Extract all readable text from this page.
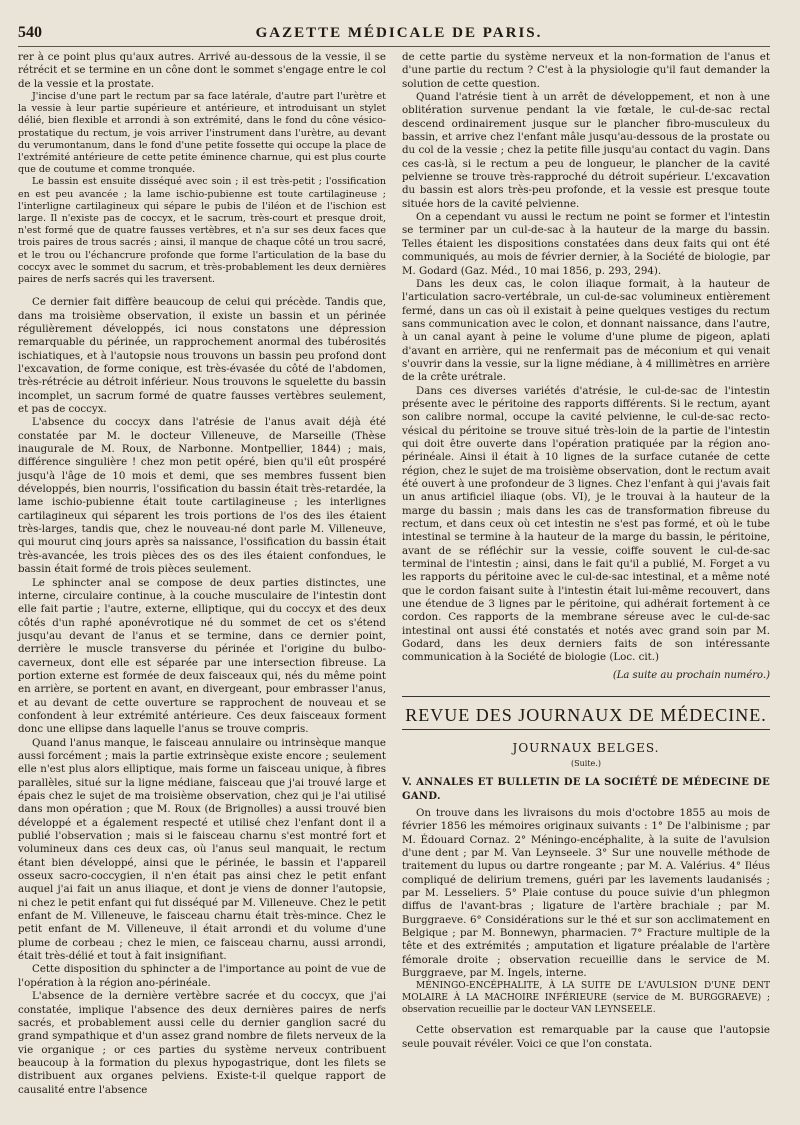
540	GAZETTE MÉDICALE DE PARIS.

rer à ce point plus qu'aux autres. Arrivé au-dessous de la vessie, il se rétrécit et se termine en un cône dont le sommet s'engage entre le col de la vessie et la prostate.

J'incise d'une part le rectum par sa face latérale, d'autre part l'urètre et la vessie à leur partie supérieure et antérieure, et introduisant un stylet délié, bien flexible et arrondi à son extrémité, dans le fond du cône vésico-prostatique du rectum, je vois arriver l'instrument dans l'urètre, au devant du verumontanum, dans le fond d'une petite fossette qui occupe la place de l'extrémité antérieure de cette petite éminence charnue, qui est plus courte que de coutume et comme tronquée.

Le bassin est ensuite disséqué avec soin ; il est très-petit ; l'ossification en est peu avancée ; la lame ischio-pubienne est toute cartilagineuse ; l'interligne cartilagineux qui sépare le pubis de l'iléon et de l'ischion est large. Il n'existe pas de coccyx, et le sacrum, très-court et presque droit, n'est formé que de quatre fausses vertèbres, et n'a sur ses deux faces que trois paires de trous sacrés ; ainsi, il manque de chaque côté un trou sacré, et le trou ou l'échancrure profonde que forme l'articulation de la base du coccyx avec le sommet du sacrum, et très-probablement les deux dernières paires de nerfs sacrés qui les traversent.

Ce dernier fait diffère beaucoup de celui qui précède. Tandis que, dans ma troisième observation, il existe un bassin et un périnée régulièrement développés, ici nous constatons une dépression remarquable du périnée, un rapprochement anormal des tubérosités ischiatiques, et à l'autopsie nous trouvons un bassin peu profond dont l'excavation, de forme conique, est très-évasée du côté de l'abdomen, très-rétrécie au détroit inférieur. Nous trouvons le squelette du bassin incomplet, un sacrum formé de quatre fausses vertèbres seulement, et pas de coccyx.

L'absence du coccyx dans l'atrésie de l'anus avait déjà été constatée par M. le docteur Villeneuve, de Marseille (Thèse inaugurale de M. Roux, de Narbonne. Montpellier, 1844) ; mais, différence singulière ! chez mon petit opéré, bien qu'il eût prospéré jusqu'à l'âge de 10 mois et demi, que ses membres fussent bien développés, bien nourris, l'ossification du bassin était très-retardée, la lame ischio-pubienne était toute cartilagineuse ; les interlignes cartilagineux qui séparent les trois portions de l'os des iles étaient très-larges, tandis que, chez le nouveau-né dont parle M. Villeneuve, qui mourut cinq jours après sa naissance, l'ossification du bassin était très-avancée, les trois pièces des os des iles étaient confondues, le bassin était formé de trois pièces seulement.

Le sphincter anal se compose de deux parties distinctes, une interne, circulaire continue, à la couche musculaire de l'intestin dont elle fait partie ; l'autre, externe, elliptique, qui du coccyx et des deux côtés d'un raphé aponévrotique né du sommet de cet os s'étend jusqu'au devant de l'anus et se termine, dans ce dernier point, derrière le muscle transverse du périnée et l'origine du bulbo-caverneux, dont elle est séparée par une intersection fibreuse. La portion externe est formée de deux faisceaux qui, nés du même point en arrière, se portent en avant, en divergeant, pour embrasser l'anus, et au devant de cette ouverture se rapprochent de nouveau et se confondent à leur extrémité antérieure. Ces deux faisceaux forment donc une ellipse dans laquelle l'anus se trouve compris.

Quand l'anus manque, le faisceau annulaire ou intrinsèque manque aussi forcément ; mais la partie extrinsèque existe encore ; seulement elle n'est plus alors elliptique, mais forme un faisceau unique, à fibres parallèles, situé sur la ligne médiane, faisceau que j'ai trouvé large et épais chez le sujet de ma troisième observation, chez qui je l'ai utilisé dans mon opération ; que M. Roux (de Brignolles) a aussi trouvé bien développé et a également respecté et utilisé chez l'enfant dont il a publié l'observation ; mais si le faisceau charnu s'est montré fort et volumineux dans ces deux cas, où l'anus seul manquait, le rectum étant bien développé, ainsi que le périnée, le bassin et l'appareil osseux sacro-coccygien, il n'en était pas ainsi chez le petit enfant auquel j'ai fait un anus iliaque, et dont je viens de donner l'autopsie, ni chez le petit enfant qui fut disséqué par M. Villeneuve. Chez le petit enfant de M. Villeneuve, le faisceau charnu était très-mince. Chez le petit enfant de M. Villeneuve, il était arrondi et du volume d'une plume de corbeau ; chez le mien, ce faisceau charnu, aussi arrondi, était très-délié et tout à fait insignifiant.

Cette disposition du sphincter a de l'importance au point de vue de l'opération à la région ano-périnéale.

L'absence de la dernière vertèbre sacrée et du coccyx, que j'ai constatée, implique l'absence des deux dernières paires de nerfs sacrés, et probablement aussi celle du dernier ganglion sacré du grand sympathique et d'un assez grand nombre de filets nerveux de la vie organique ; or ces parties du système nerveux contribuent beaucoup à la formation du plexus hypogastrique, dont les filets se distribuent aux organes pelviens. Existe-t-il quelque rapport de causalité entre l'absence

de cette partie du système nerveux et la non-formation de l'anus et d'une partie du rectum ? C'est à la physiologie qu'il faut demander la solution de cette question.

Quand l'atrésie tient à un arrêt de développement, et non à une oblitération survenue pendant la vie fœtale, le cul-de-sac rectal descend ordinairement jusque sur le plancher fibro-musculeux du bassin, et arrive chez l'enfant mâle jusqu'au-dessous de la prostate ou du col de la vessie ; chez la petite fille jusqu'au contact du vagin. Dans ces cas-là, si le rectum a peu de longueur, le plancher de la cavité pelvienne se trouve très-rapproché du détroit supérieur. L'excavation du bassin est alors très-peu profonde, et la vessie est presque toute située hors de la cavité pelvienne.

On a cependant vu aussi le rectum ne point se former et l'intestin se terminer par un cul-de-sac à la hauteur de la marge du bassin. Telles étaient les dispositions constatées dans deux faits qui ont été communiqués, au mois de février dernier, à la Société de biologie, par M. Godard (Gaz. Méd., 10 mai 1856, p. 293, 294).

Dans les deux cas, le colon iliaque formait, à la hauteur de l'articulation sacro-vertébrale, un cul-de-sac volumineux entièrement fermé, dans un cas où il existait à peine quelques vestiges du rectum sans communication avec le colon, et donnant naissance, dans l'autre, à un canal ayant à peine le volume d'une plume de pigeon, aplati d'avant en arrière, qui ne renfermait pas de méconium et qui venait s'ouvrir dans la vessie, sur la ligne médiane, à 4 millimètres en arrière de la crête urétrale.

Dans ces diverses variétés d'atrésie, le cul-de-sac de l'intestin présente avec le péritoine des rapports différents. Si le rectum, ayant son calibre normal, occupe la cavité pelvienne, le cul-de-sac recto-vésical du péritoine se trouve situé très-loin de la partie de l'intestin qui doit être ouverte dans l'opération pratiquée par la région ano-périnéale. Ainsi il était à 10 lignes de la surface cutanée de cette région, chez le sujet de ma troisième observation, dont le rectum avait été ouvert à une profondeur de 3 lignes. Chez l'enfant à qui j'avais fait un anus artificiel iliaque (obs. VI), je le trouvai à la hauteur de la marge du bassin ; mais dans les cas de transformation fibreuse du rectum, et dans ceux où cet intestin ne s'est pas formé, et où le tube intestinal se termine à la hauteur de la marge du bassin, le péritoine, avant de se réfléchir sur la vessie, coiffe souvent le cul-de-sac terminal de l'intestin ; ainsi, dans le fait qu'il a publié, M. Forget a vu les rapports du péritoine avec le cul-de-sac intestinal, et a même noté que le cordon faisant suite à l'intestin était lui-même recouvert, dans une étendue de 3 lignes par le péritoine, qui adhérait fortement à ce cordon. Ces rapports de la membrane séreuse avec le cul-de-sac intestinal ont aussi été constatés et notés avec grand soin par M. Godard, dans les deux derniers faits de son intéressante communication à la Société de biologie (Loc. cit.)

(La suite au prochain numéro.)
REVUE DES JOURNAUX DE MÉDECINE.
JOURNAUX BELGES.
(Suite.)
V. ANNALES ET BULLETIN DE LA SOCIÉTÉ DE MÉDECINE DE GAND.

On trouve dans les livraisons du mois d'octobre 1855 au mois de février 1856 les mémoires originaux suivants : 1° De l'albinisme ; par M. Édouard Cornaz. 2° Méningo-encéphalite, à la suite de l'avulsion d'une dent ; par M. Van Leynseele. 3° Sur une nouvelle méthode de traitement du lupus ou dartre rongeante ; par M. A. Valérius. 4° Iléus compliqué de delirium tremens, guéri par les lavements laudanisés ; par M. Lesseliers. 5° Plaie contuse du pouce suivie d'un phlegmon diffus de l'avant-bras ; ligature de l'artère brachiale ; par M. Burggraeve. 6° Considérations sur le thé et sur son acclimatement en Belgique ; par M. Bonnewyn, pharmacien. 7° Fracture multiple de la tête et des extrémités ; amputation et ligature préalable de l'artère fémorale droite ; observation recueillie dans le service de M. Burggraeve, par M. Ingels, interne.

MÉNINGO-ENCÉPHALITE, À LA SUITE DE L'AVULSION D'UNE DENT MOLAIRE À LA MACHOIRE INFÉRIEURE (service de M. BURGGRAEVE) ; observation recueillie par le docteur VAN LEYNSEELE.

Cette observation est remarquable par la cause que l'autopsie seule pouvait révéler. Voici ce que l'on constata.
